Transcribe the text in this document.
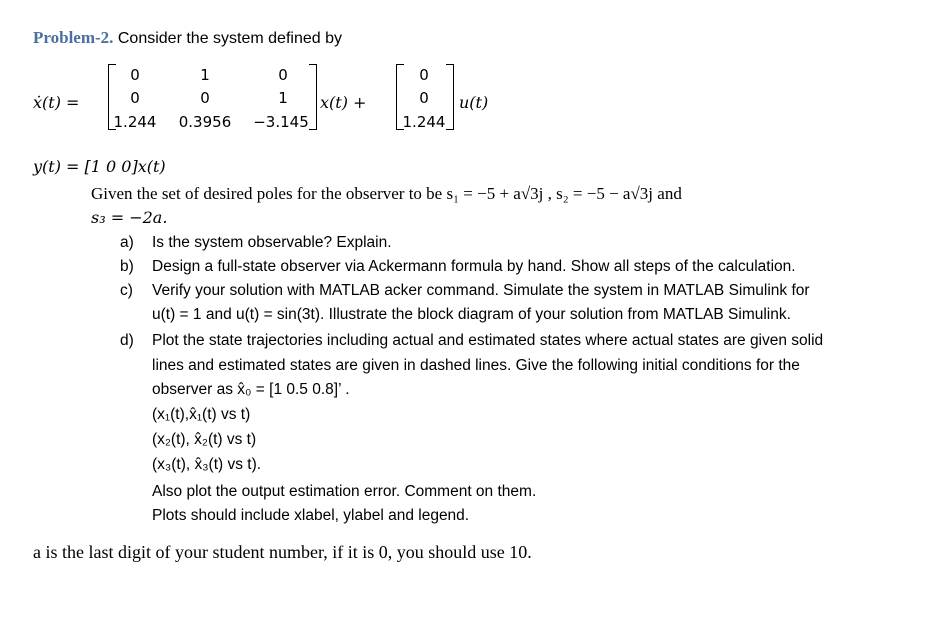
Problem-2. Consider the system defined by
ẋ(t) =
0	1	0
0	0	1
1.244	0.3956	−3.145
x(t) +
0
0
1.244
u(t)
y(t) = [1 0 0]x(t)
Given the set of desired poles for the observer to be s₁ = −5 + a√3j , s₂ = −5 − a√3j and
s₃ = −2a.
a) Is the system observable? Explain.
b) Design a full-state observer via Ackermann formula by hand. Show all steps of the calculation.
c) Verify your solution with MATLAB acker command. Simulate the system in MATLAB Simulink for
u(t) = 1 and u(t) = sin(3t). Illustrate the block diagram of your solution from MATLAB Simulink.
d) Plot the state trajectories including actual and estimated states where actual states are given solid
lines and estimated states are given in dashed lines. Give the following initial conditions for the
observer as x̂₀ = [1 0.5 0.8]’ .
(x₁(t),x̂₁(t) vs t)
(x₂(t), x̂₂(t) vs t)
(x₃(t), x̂₃(t) vs t).
Also plot the output estimation error. Comment on them.
Plots should include xlabel, ylabel and legend.
a is the last digit of your student number, if it is 0, you should use 10.
